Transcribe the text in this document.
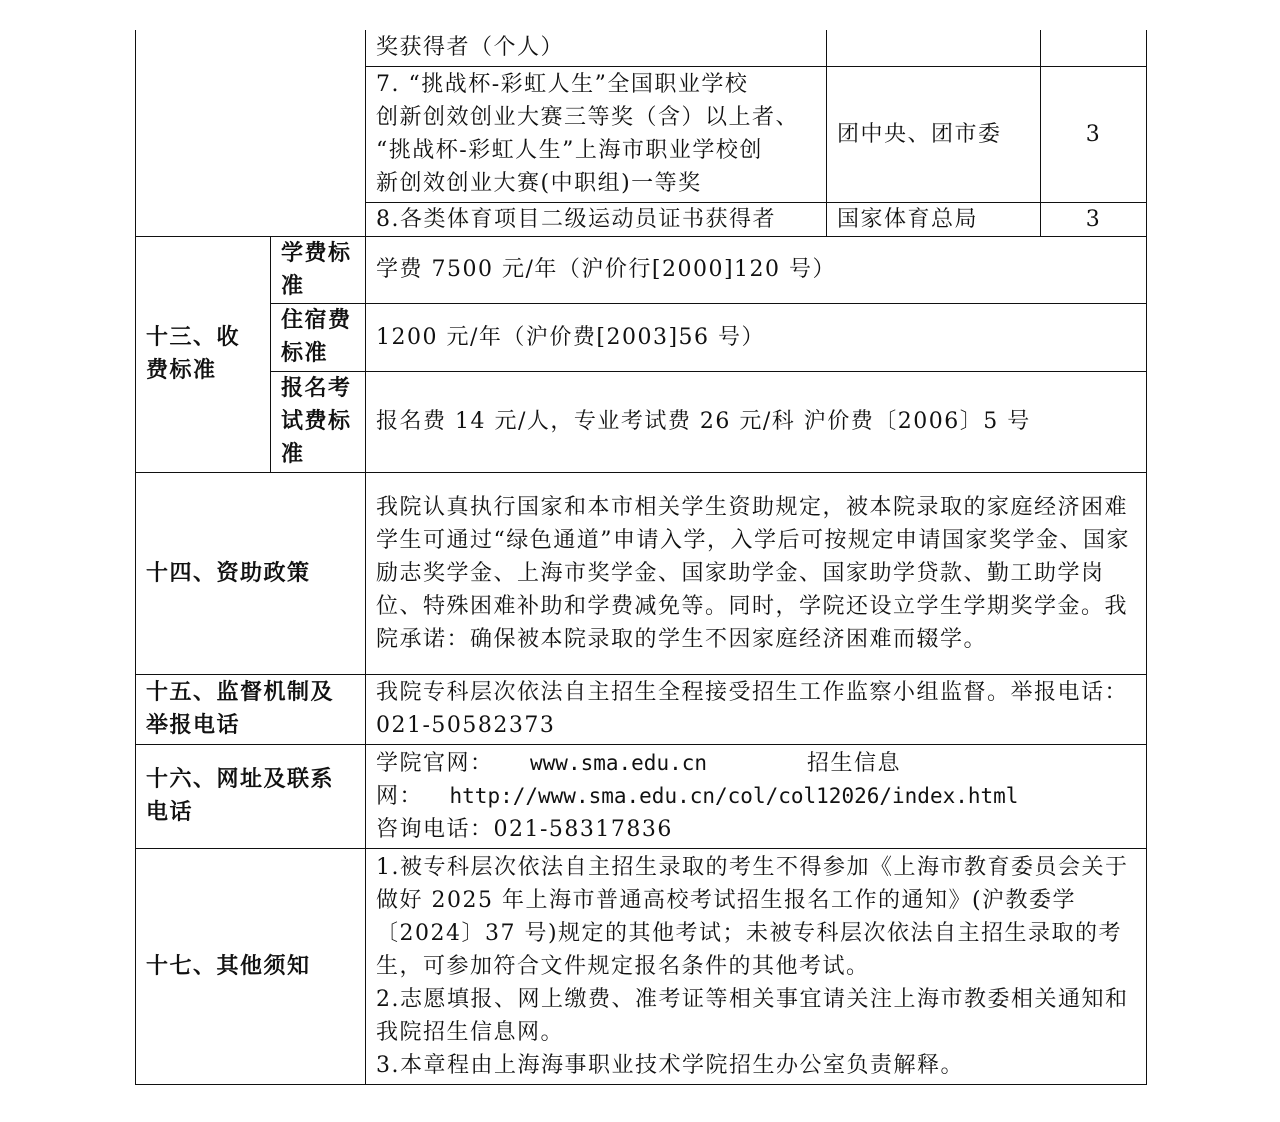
		奖获得者（个人）		

		7. “挑战杯-彩虹人生”全国职业学校
创新创效创业大赛三等奖（含）以上者、
“挑战杯-彩虹人生”上海市职业学校创
新创效创业大赛(中职组)一等奖	团中央、团市委	3
		8.各类体育项目二级运动员证书获得者	国家体育总局	3
十三、收费标准	学费标准	学费 7500 元/年（沪价行[2000]120 号）		
	住宿费标准	1200 元/年（沪价费[2003]56 号）		
	报名考试费标准	报名费 14 元/人，专业考试费 26 元/科 沪价费〔2006〕5 号		
十四、资助政策		我院认真执行国家和本市相关学生资助规定，被本院录取的家庭经济困难学生可通过“绿色通道”申请入学，入学后可按规定申请国家奖学金、国家励志奖学金、上海市奖学金、国家助学金、国家助学贷款、勤工助学岗位、特殊困难补助和学费减免等。同时，学院还设立学生学期奖学金。我院承诺：确保被本院录取的学生不因家庭经济困难而辍学。		
十五、监督机制及举报电话		我院专科层次依法自主招生全程接受招生工作监察小组监督。举报电话：021-50582373		
十六、网址及联系电话		学院官网： www.sma.edu.cn 招生信息
网： http://www.sma.edu.cn/col/col12026/index.html
咨询电话：021-58317836		

十七、其他须知		1.被专科层次依法自主招生录取的考生不得参加《上海市教育委员会关于做好 2025 年上海市普通高校考试招生报名工作的通知》(沪教委学〔2024〕37 号)规定的其他考试；未被专科层次依法自主招生录取的考生，可参加符合文件规定报名条件的其他考试。
2.志愿填报、网上缴费、准考证等相关事宜请关注上海市教委相关通知和我院招生信息网。
3.本章程由上海海事职业技术学院招生办公室负责解释。		
